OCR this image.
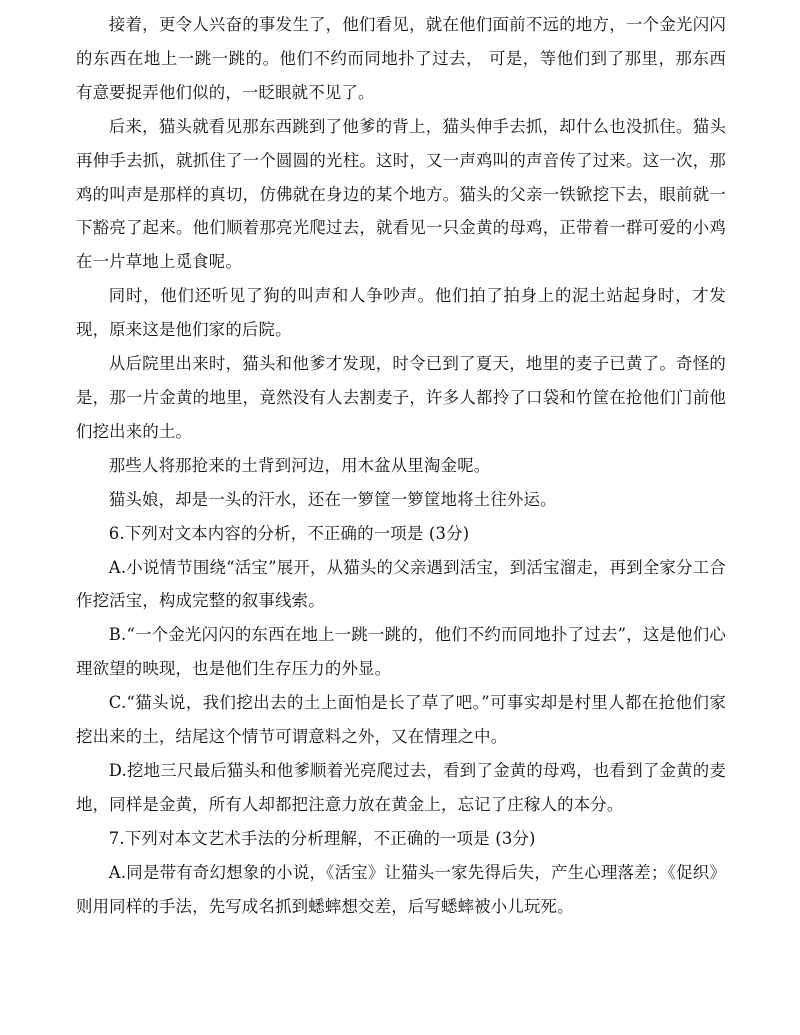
接着，更令人兴奋的事发生了，他们看见，就在他们面前不远的地方，一个金光闪闪的东西在地上一跳一跳的。他们不约而同地扑了过去， 可是，等他们到了那里，那东西有意要捉弄他们似的，一眨眼就不见了。

后来，猫头就看见那东西跳到了他爹的背上，猫头伸手去抓，却什么也没抓住。猫头再伸手去抓，就抓住了一个圆圆的光柱。这时，又一声鸡叫的声音传了过来。这一次，那鸡的叫声是那样的真切，仿佛就在身边的某个地方。猫头的父亲一铁锨挖下去，眼前就一下豁亮了起来。他们顺着那亮光爬过去，就看见一只金黄的母鸡，正带着一群可爱的小鸡在一片草地上觅食呢。

同时，他们还听见了狗的叫声和人争吵声。他们拍了拍身上的泥土站起身时，才发现，原来这是他们家的后院。

从后院里出来时，猫头和他爹才发现，时令已到了夏天，地里的麦子已黄了。奇怪的是，那一片金黄的地里，竟然没有人去割麦子，许多人都拎了口袋和竹筐在抢他们门前他们挖出来的土。

那些人将那抢来的土背到河边，用木盆从里淘金呢。

猫头娘，却是一头的汗水，还在一箩筐一箩筐地将土往外运。

6.下列对文本内容的分析，不正确的一项是 (3分)

A.小说情节围绕“活宝”展开，从猫头的父亲遇到活宝，到活宝溜走，再到全家分工合作挖活宝，构成完整的叙事线索。

B.“一个金光闪闪的东西在地上一跳一跳的，他们不约而同地扑了过去”，这是他们心理欲望的映现，也是他们生存压力的外显。

C.“猫头说，我们挖出去的土上面怕是长了草了吧。”可事实却是村里人都在抢他们家挖出来的土，结尾这个情节可谓意料之外，又在情理之中。

D.挖地三尺最后猫头和他爹顺着光亮爬过去，看到了金黄的母鸡，也看到了金黄的麦地，同样是金黄，所有人却都把注意力放在黄金上，忘记了庄稼人的本分。

7.下列对本文艺术手法的分析理解，不正确的一项是 (3分)

A.同是带有奇幻想象的小说，《活宝》让猫头一家先得后失，产生心理落差；《促织》则用同样的手法，先写成名抓到蟋蟀想交差，后写蟋蟀被小儿玩死。
